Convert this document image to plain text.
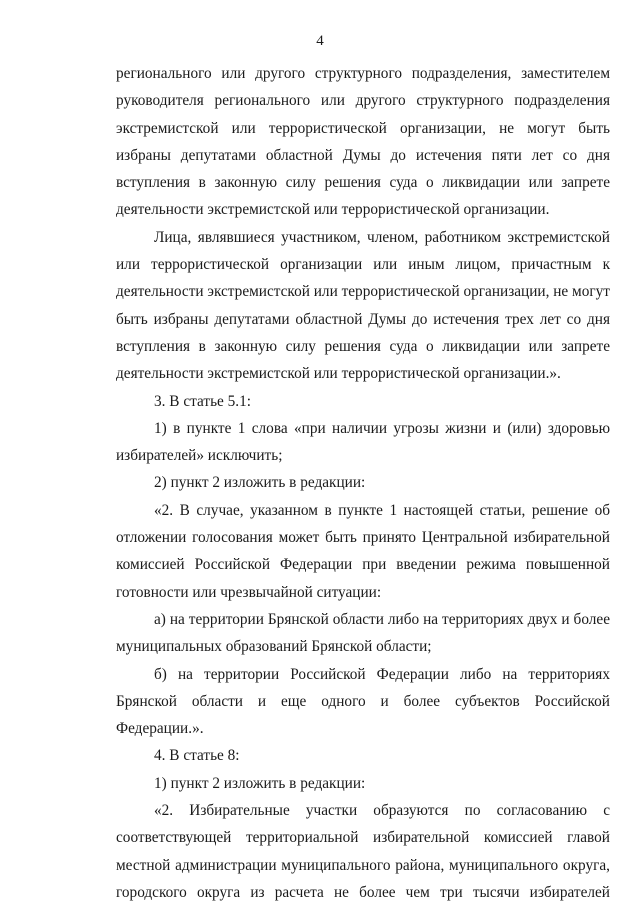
4

регионального или другого структурного подразделения, заместителем руководителя регионального или другого структурного подразделения экстремистской или террористической организации, не могут быть избраны депутатами областной Думы до истечения пяти лет со дня вступления в законную силу решения суда о ликвидации или запрете деятельности экстремистской или террористической организации.

Лица, являвшиеся участником, членом, работником экстремистской или террористической организации или иным лицом, причастным к деятельности экстремистской или террористической организации, не могут быть избраны депутатами областной Думы до истечения трех лет со дня вступления в законную силу решения суда о ликвидации или запрете деятельности экстремистской или террористической организации.».

3. В статье 5.1:

1) в пункте 1 слова «при наличии угрозы жизни и (или) здоровью избирателей» исключить;

2) пункт 2 изложить в редакции:

«2. В случае, указанном в пункте 1 настоящей статьи, решение об отложении голосования может быть принято Центральной избирательной комиссией Российской Федерации при введении режима повышенной готовности или чрезвычайной ситуации:

а) на территории Брянской области либо на территориях двух и более муниципальных образований Брянской области;

б) на территории Российской Федерации либо на территориях Брянской области и еще одного и более субъектов Российской Федерации.».

4. В статье 8:

1) пункт 2 изложить в редакции:

«2. Избирательные участки образуются по согласованию с соответствующей территориальной избирательной комиссией главой местной администрации муниципального района, муниципального округа, городского округа из расчета не более чем три тысячи избирателей
